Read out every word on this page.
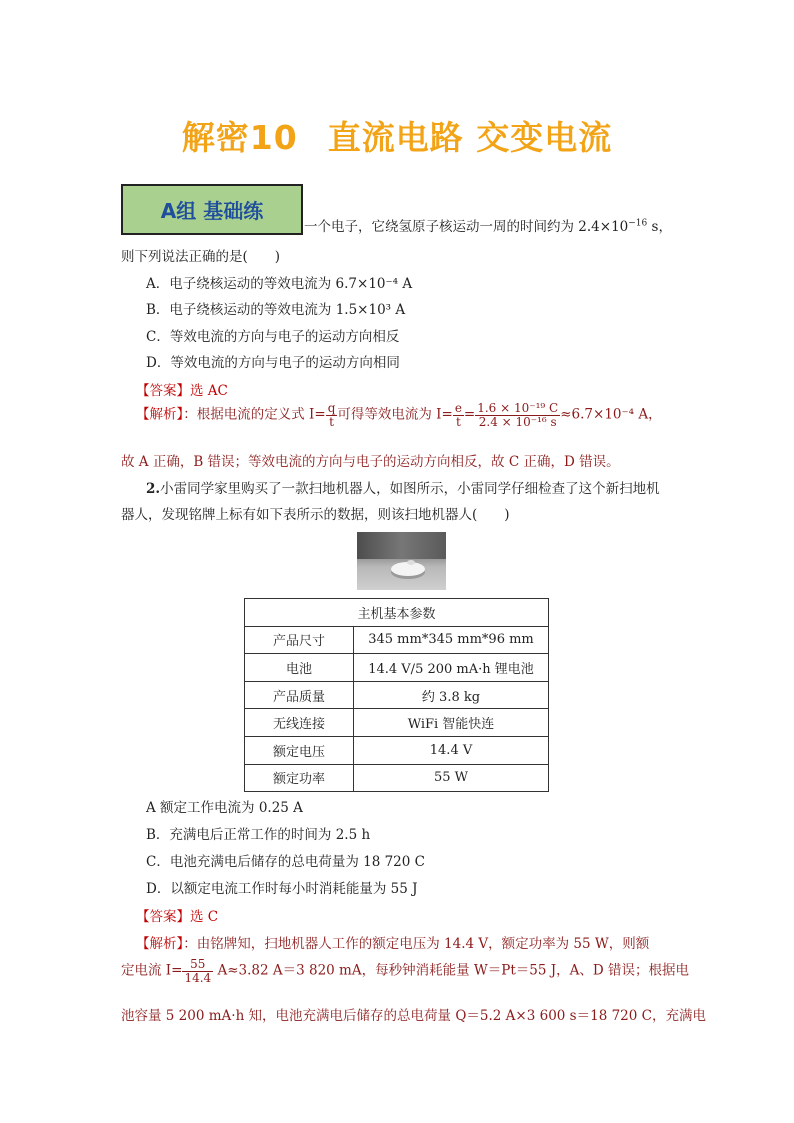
解密10 直流电路 交变电流
A组 基础练
一个电子，它绕氢原子核运动一周的时间约为 $2.4\times 10^{-16}$ s，
则下列说法正确的是(　　)
A．电子绕核运动的等效电流为 6.7×10⁻⁴ A
B．电子绕核运动的等效电流为 1.5×10³ A
C．等效电流的方向与电子的运动方向相反
D．等效电流的方向与电子的运动方向相同
【答案】选 AC
【解析】：根据电流的定义式 $I= \frac{q}{t}$ 可得等效电流为 $I= \frac{e}{t} = \frac{\text{1.6 × 10⁻¹⁹ C}}{\text{2.4 × 10⁻¹⁶ s}} \approx 6.7\times 10^{-4}$ A，
故 A 正确，B 错误；等效电流的方向与电子的运动方向相反，故 C 正确，D 错误。
2.小雷同学家里购买了一款扫地机器人，如图所示，小雷同学仔细检查了这个新扫地机
器人，发现铭牌上标有如下表所示的数据，则该扫地机器人(　　)
主机基本参数	
产品尺寸	345 mm*345 mm*96 mm
电池	14.4 V/5 200 mA·h 锂电池
产品质量	约 3.8 kg
无线连接	WiFi 智能快连
额定电压	14.4 V
额定功率	55 W
A 额定工作电流为 0.25 A
B．充满电后正常工作的时间为 2.5 h
C．电池充满电后储存的总电荷量为 18 720 C
D．以额定电流工作时每小时消耗能量为 55 J
【答案】选 C
【解析】：由铭牌知，扫地机器人工作的额定电压为 14.4 V，额定功率为 55 W，则额
定电流 $I= \frac{55}{14.4} A\approx 3.82$ A＝3 820 mA，每秒钟消耗能量 W＝Pt＝55 J，A、D 错误；根据电
池容量 5 200 mA·h 知，电池充满电后储存的总电荷量 Q＝5.2 A×3 600 s＝18 720 C，充满电
